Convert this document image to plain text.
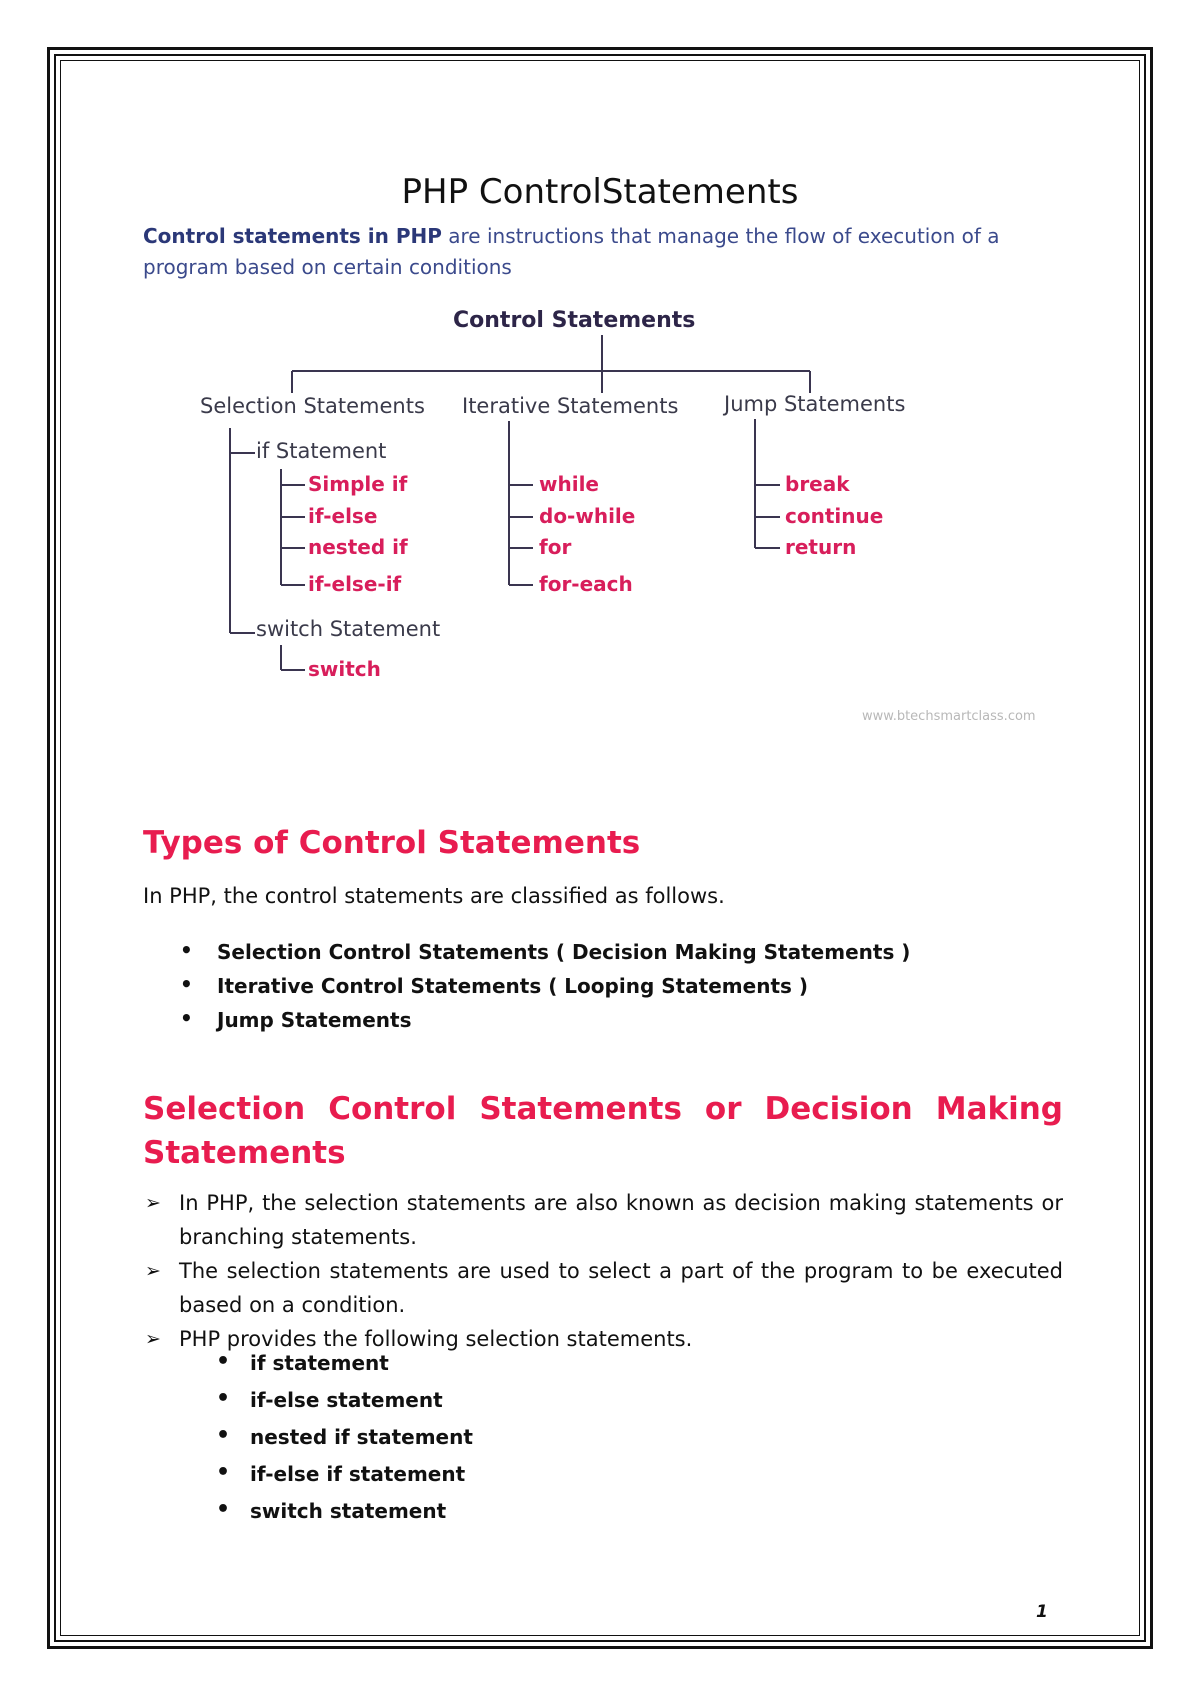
PHP ControlStatements

Control statements in PHP are instructions that manage the flow of execution of a program based on certain conditions

Control Statements
Selection Statements Iterative Statements Jump Statements
if Statement
Simple if
if-else
nested if
if-else-if
switch Statement
switch
while
do-while
for
for-each
break
continue
return
www.btechsmartclass.com
Types of Control Statements

In PHP, the control statements are classified as follows.

• Selection Control Statements ( Decision Making Statements )
• Iterative Control Statements ( Looping Statements )
• Jump Statements
Selection Control Statements or Decision Making Statements
➢ In PHP, the selection statements are also known as decision making statements or branching statements.
➢ The selection statements are used to select a part of the program to be executed based on a condition.
➢ PHP provides the following selection statements.
• if statement
• if-else statement
• nested if statement
• if-else if statement
• switch statement
1
